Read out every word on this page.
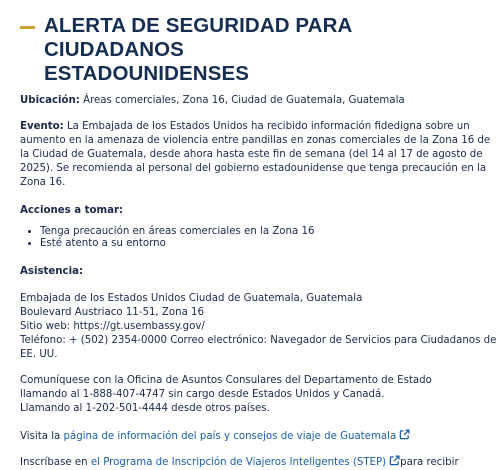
ALERTA DE SEGURIDAD PARA CIUDADANOS
ESTADOUNIDENSES

Ubicación: Áreas comerciales, Zona 16, Ciudad de Guatemala, Guatemala

Evento: La Embajada de los Estados Unidos ha recibido información fidedigna sobre un aumento en la amenaza de violencia entre pandillas en zonas comerciales de la Zona 16 de la Ciudad de Guatemala, desde ahora hasta este fin de semana (del 14 al 17 de agosto de 2025). Se recomienda al personal del gobierno estadounidense que tenga precaución en la Zona 16.

Acciones a tomar:

• Tenga precaución en áreas comerciales en la Zona 16
• Esté atento a su entorno

Asistencia:

Embajada de los Estados Unidos Ciudad de Guatemala, Guatemala
Boulevard Austriaco 11-51, Zona 16
Sitio web: https://gt.usembassy.gov/
Teléfono: + (502) 2354-0000 Correo electrónico: Navegador de Servicios para Ciudadanos de EE. UU.

Comuníquese con la Oficina de Asuntos Consulares del Departamento de Estado
llamando al 1-888-407-4747 sin cargo desde Estados Unidos y Canadá.
Llamando al 1-202-501-4444 desde otros países.

Visita la página de información del país y consejos de viaje de Guatemala

Inscríbase en el Programa de Inscripción de Viajeros Inteligentes (STEP) para recibir
